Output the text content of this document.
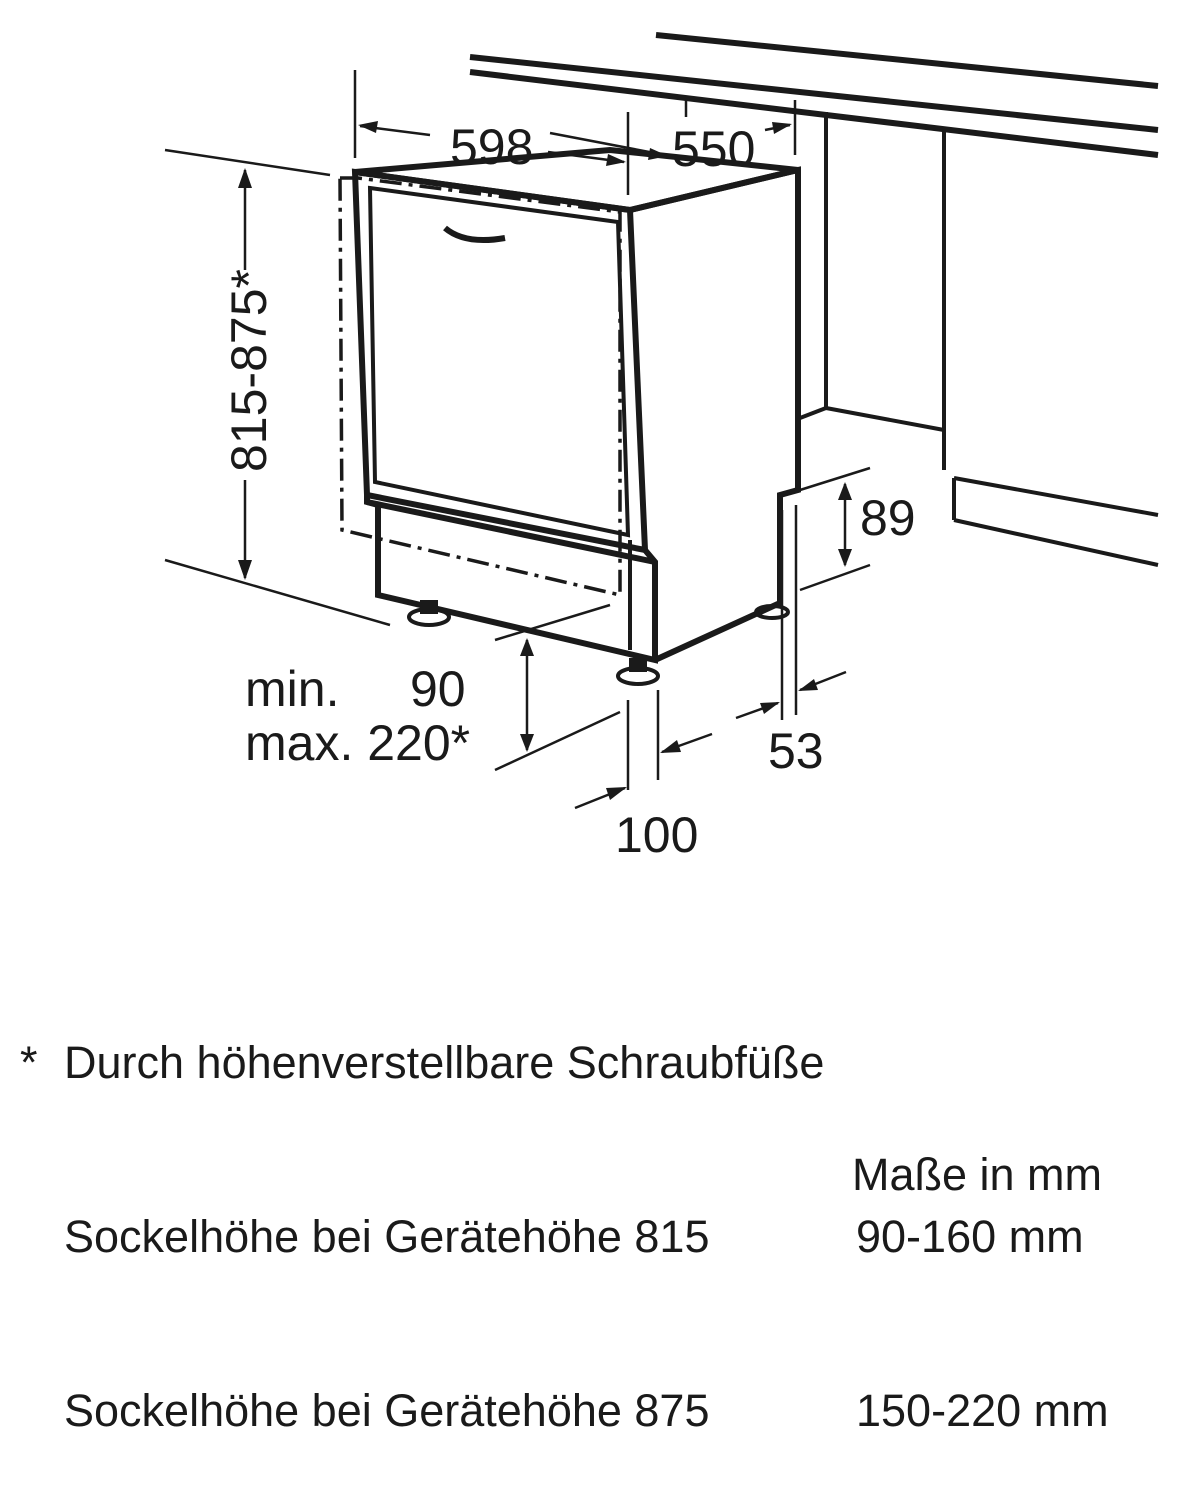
598	550
815-875*
89
min. 90
max. 220*
100
53

* Durch höhenverstellbare Schraubfüße

Sockelhöhe bei Gerätehöhe 815	90-160 mm

Sockelhöhe bei Gerätehöhe 875	150-220 mm

Maße in mm
